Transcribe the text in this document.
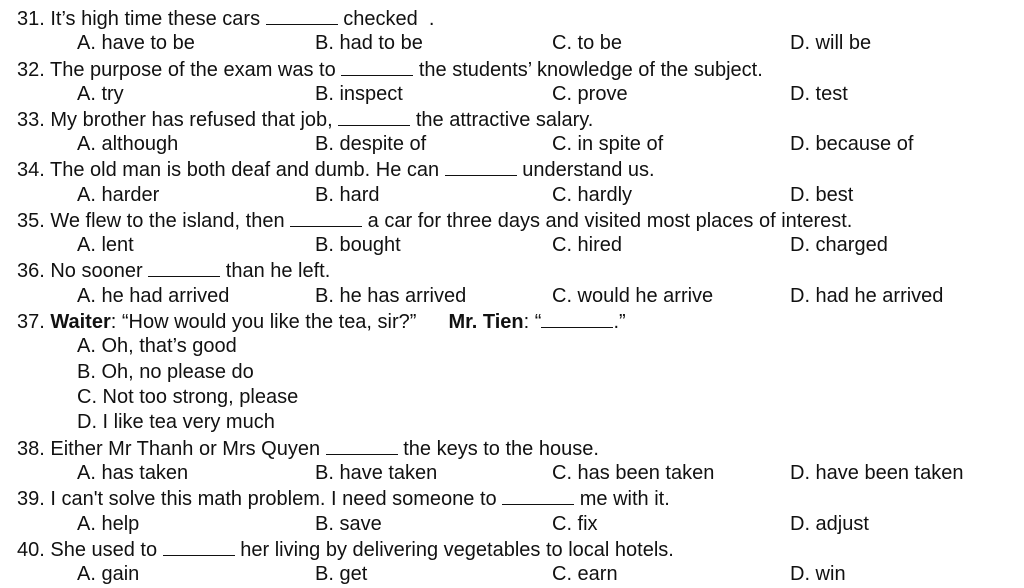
31. It’s high time these cars	checked  .
A. have to be	B. had to be	C. to be	D. will be
32. The purpose of the exam was to	the students’ knowledge of the subject.
A. try	B. inspect	C. prove	D. test
33. My brother has refused that job,	the attractive salary.
A. although	B. despite of	C. in spite of	D. because of
34. The old man is both deaf and dumb. He can	understand us.
A. harder	B. hard	C. hardly	D. best
35. We flew to the island, then	a car for three days and visited most places of interest.
A. lent	B. bought	C. hired	D. charged
36. No sooner	than he left.
A. he had arrived	B. he has arrived	C. would he arrive	D. had he arrived
37. Waiter: “How would you like the tea, sir?” Mr. Tien: “	.”
A. Oh, that’s good
B. Oh, no please do
C. Not too strong, please
D. I like tea very much
38. Either Mr Thanh or Mrs Quyen	the keys to the house.
A. has taken	B. have taken	C. has been taken	D. have been taken
39. I can't solve this math problem. I need someone to	me with it.
A. help	B. save	C. fix	D. adjust
40. She used to	her living by delivering vegetables to local hotels.
A. gain	B. get	C. earn	D. win
